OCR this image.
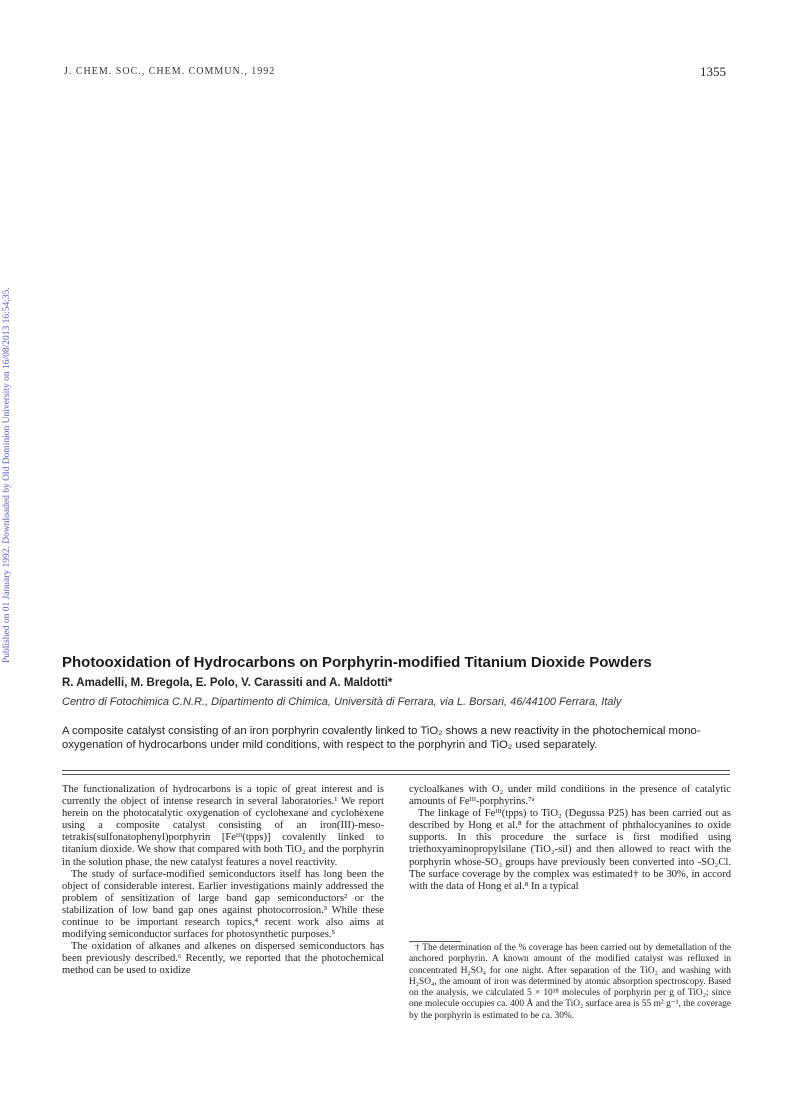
Published on 01 January 1992. Downloaded by Old Dominion University on 16/08/2013 16:54:35.
J. CHEM. SOC., CHEM. COMMUN., 1992	1355
Photooxidation of Hydrocarbons on Porphyrin-modified Titanium Dioxide Powders
R. Amadelli, M. Bregola, E. Polo, V. Carassiti and A. Maldotti*
Centro di Fotochimica C.N.R., Dipartimento di Chimica, Università di Ferrara, via L. Borsari, 46/44100 Ferrara, Italy
A composite catalyst consisting of an iron porphyrin covalently linked to TiO₂ shows a new reactivity in the photochemical mono-oxygenation of hydrocarbons under mild conditions, with respect to the porphyrin and TiO₂ used separately.

The functionalization of hydrocarbons is a topic of great interest and is currently the object of intense research in several laboratories.¹ We report herein on the photocatalytic oxygenation of cyclohexane and cyclohexene using a composite catalyst consisting of an iron(III)-meso-tetrakis(sulfonatophenyl)porphyrin [Feᴵᴵᴵ(tpps)] covalently linked to titanium dioxide. We show that compared with both TiO₂ and the porphyrin in the solution phase, the new catalyst features a novel reactivity.

The study of surface-modified semiconductors itself has long been the object of considerable interest. Earlier investigations mainly addressed the problem of sensitization of large band gap semiconductors² or the stabilization of low band gap ones against photocorrosion.³ While these continue to be important research topics,⁴ recent work also aims at modifying semiconductor surfaces for photosynthetic purposes.⁵

The oxidation of alkanes and alkenes on dispersed semiconductors has been previously described.⁶ Recently, we reported that the photochemical method can be used to oxidize

cycloalkanes with O₂ under mild conditions in the presence of catalytic amounts of Feᴵᴵᴵ-porphyrins.⁷ᵃ

The linkage of Feᴵᴵᴵ(tpps) to TiO₂ (Degussa P25) has been carried out as described by Hong et al.⁸ for the attachment of phthalocyanines to oxide supports. In this procedure the surface is first modified using triethoxyaminopropylsilane (TiO₂-sil) and then allowed to react with the porphyrin whose-SO₃ groups have previously been converted into -SO₂Cl. The surface coverage by the complex was estimated† to be 30%, in accord with the data of Hong et al.⁸ In a typical

† The determination of the % coverage has been carried out by demetallation of the anchored porphyrin. A known amount of the modified catalyst was refluxed in concentrated H₂SO₄ for one night. After separation of the TiO₂ and washing with H₂SO₄, the amount of iron was determined by atomic absorption spectroscopy. Based on the analysis, we calculated 5 × 10¹⁸ molecules of porphyrin per g of TiO₂; since one molecule occupies ca. 400 Å and the TiO₂ surface area is 55 m² g⁻¹, the coverage by the porphyrin is estimated to be ca. 30%.
